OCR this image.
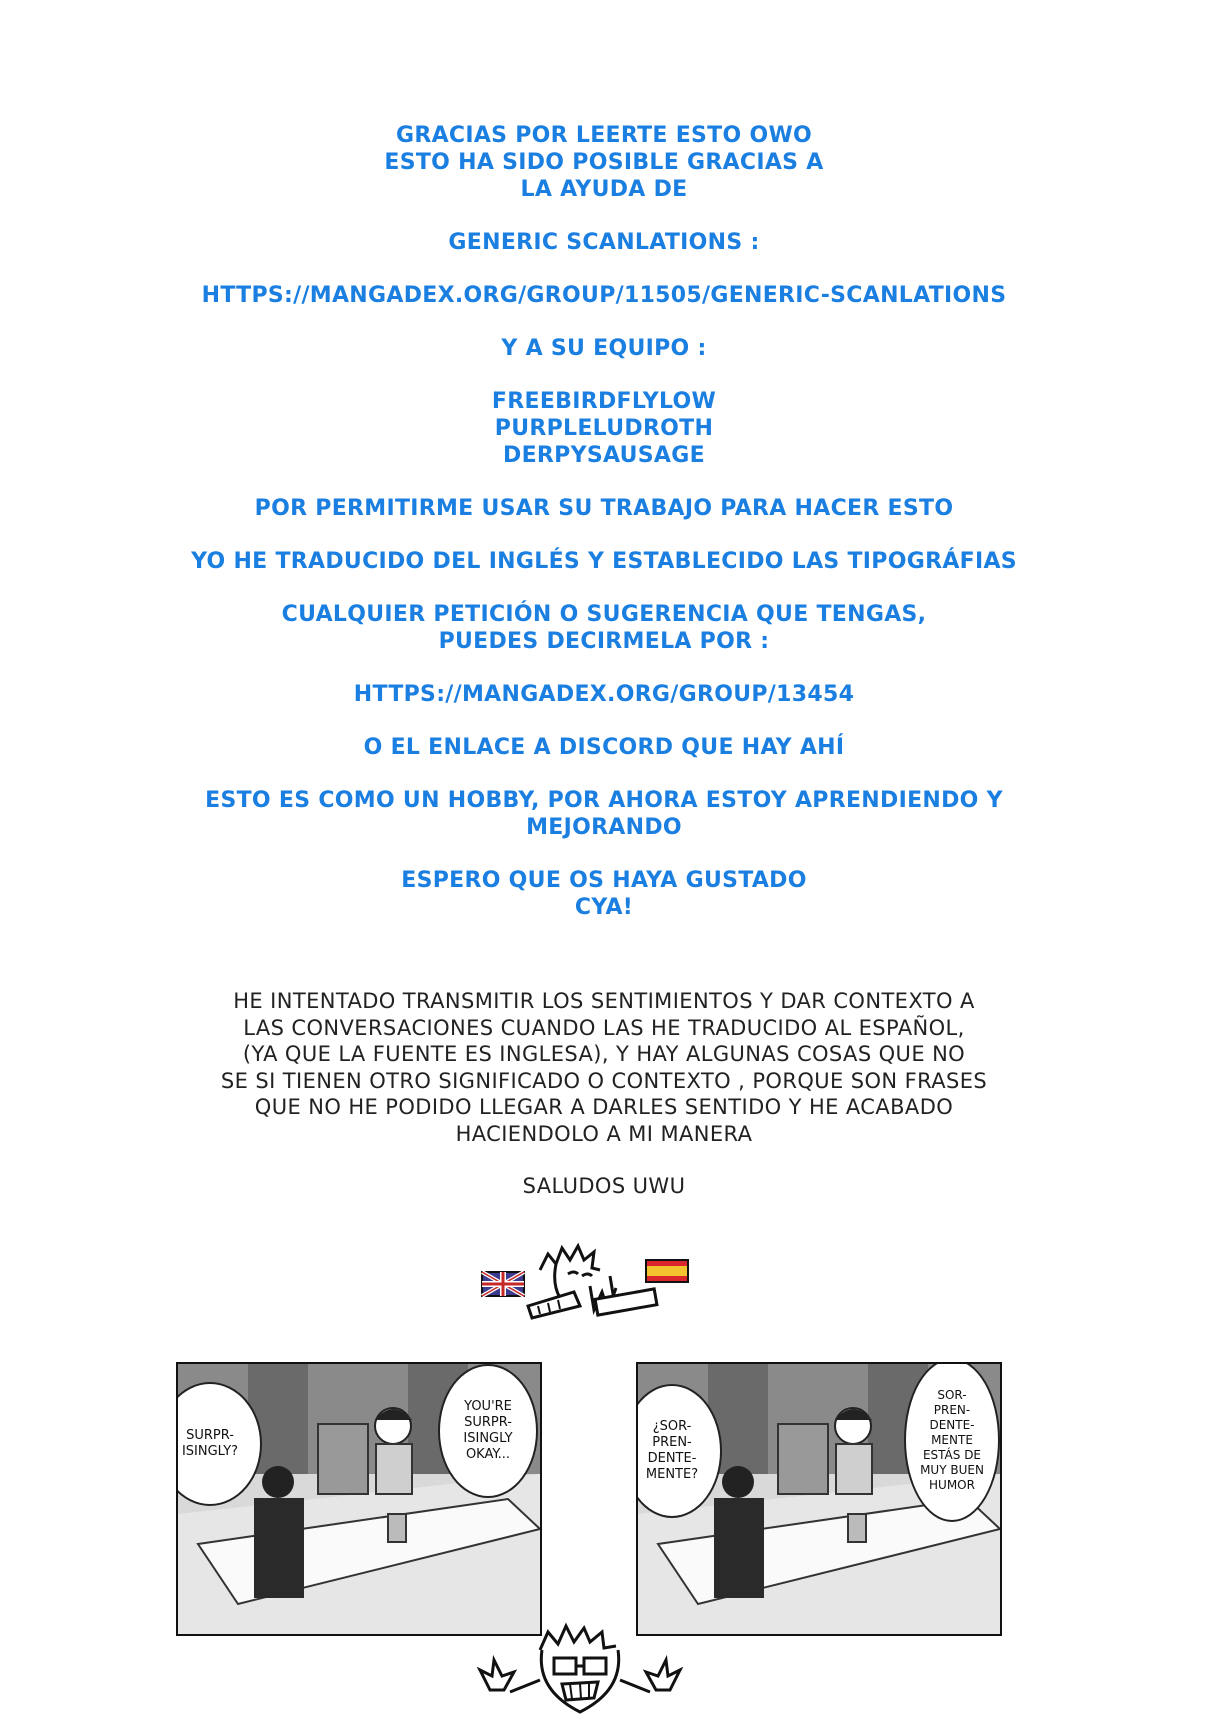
GRACIAS POR LEERTE ESTO OWO
ESTO HA SIDO POSIBLE GRACIAS A
LA AYUDA DE

GENERIC SCANLATIONS :

HTTPS://MANGADEX.ORG/GROUP/11505/GENERIC-SCANLATIONS

Y A SU EQUIPO :

FREEBIRDFLYLOW
PURPLELUDROTH
DERPYSAUSAGE

POR PERMITIRME USAR SU TRABAJO PARA HACER ESTO

YO HE TRADUCIDO DEL INGLÉS Y ESTABLECIDO LAS TIPOGRÁFIAS

CUALQUIER PETICIÓN O SUGERENCIA QUE TENGAS,
PUEDES DECIRMELA POR :

HTTPS://MANGADEX.ORG/GROUP/13454

O EL ENLACE A DISCORD QUE HAY AHÍ

ESTO ES COMO UN HOBBY, POR AHORA ESTOY APRENDIENDO Y
MEJORANDO

ESPERO QUE OS HAYA GUSTADO
CYA!

HE INTENTADO TRANSMITIR LOS SENTIMIENTOS Y DAR CONTEXTO A
LAS CONVERSACIONES CUANDO LAS HE TRADUCIDO AL ESPAÑOL,
(YA QUE LA FUENTE ES INGLESA), Y HAY ALGUNAS COSAS QUE NO
SE SI TIENEN OTRO SIGNIFICADO O CONTEXTO , PORQUE SON FRASES
QUE NO HE PODIDO LLEGAR A DARLES SENTIDO Y HE ACABADO
HACIENDOLO A MI MANERA

SALUDOS UWU

SURPR-
ISINGLY?
YOU'RE
SURPR-
ISINGLY
OKAY...
¿SOR-
PREN-
DENTE-
MENTE?
SOR-
PREN-
DENTE-
MENTE
ESTÁS DE
MUY BUEN
HUMOR
